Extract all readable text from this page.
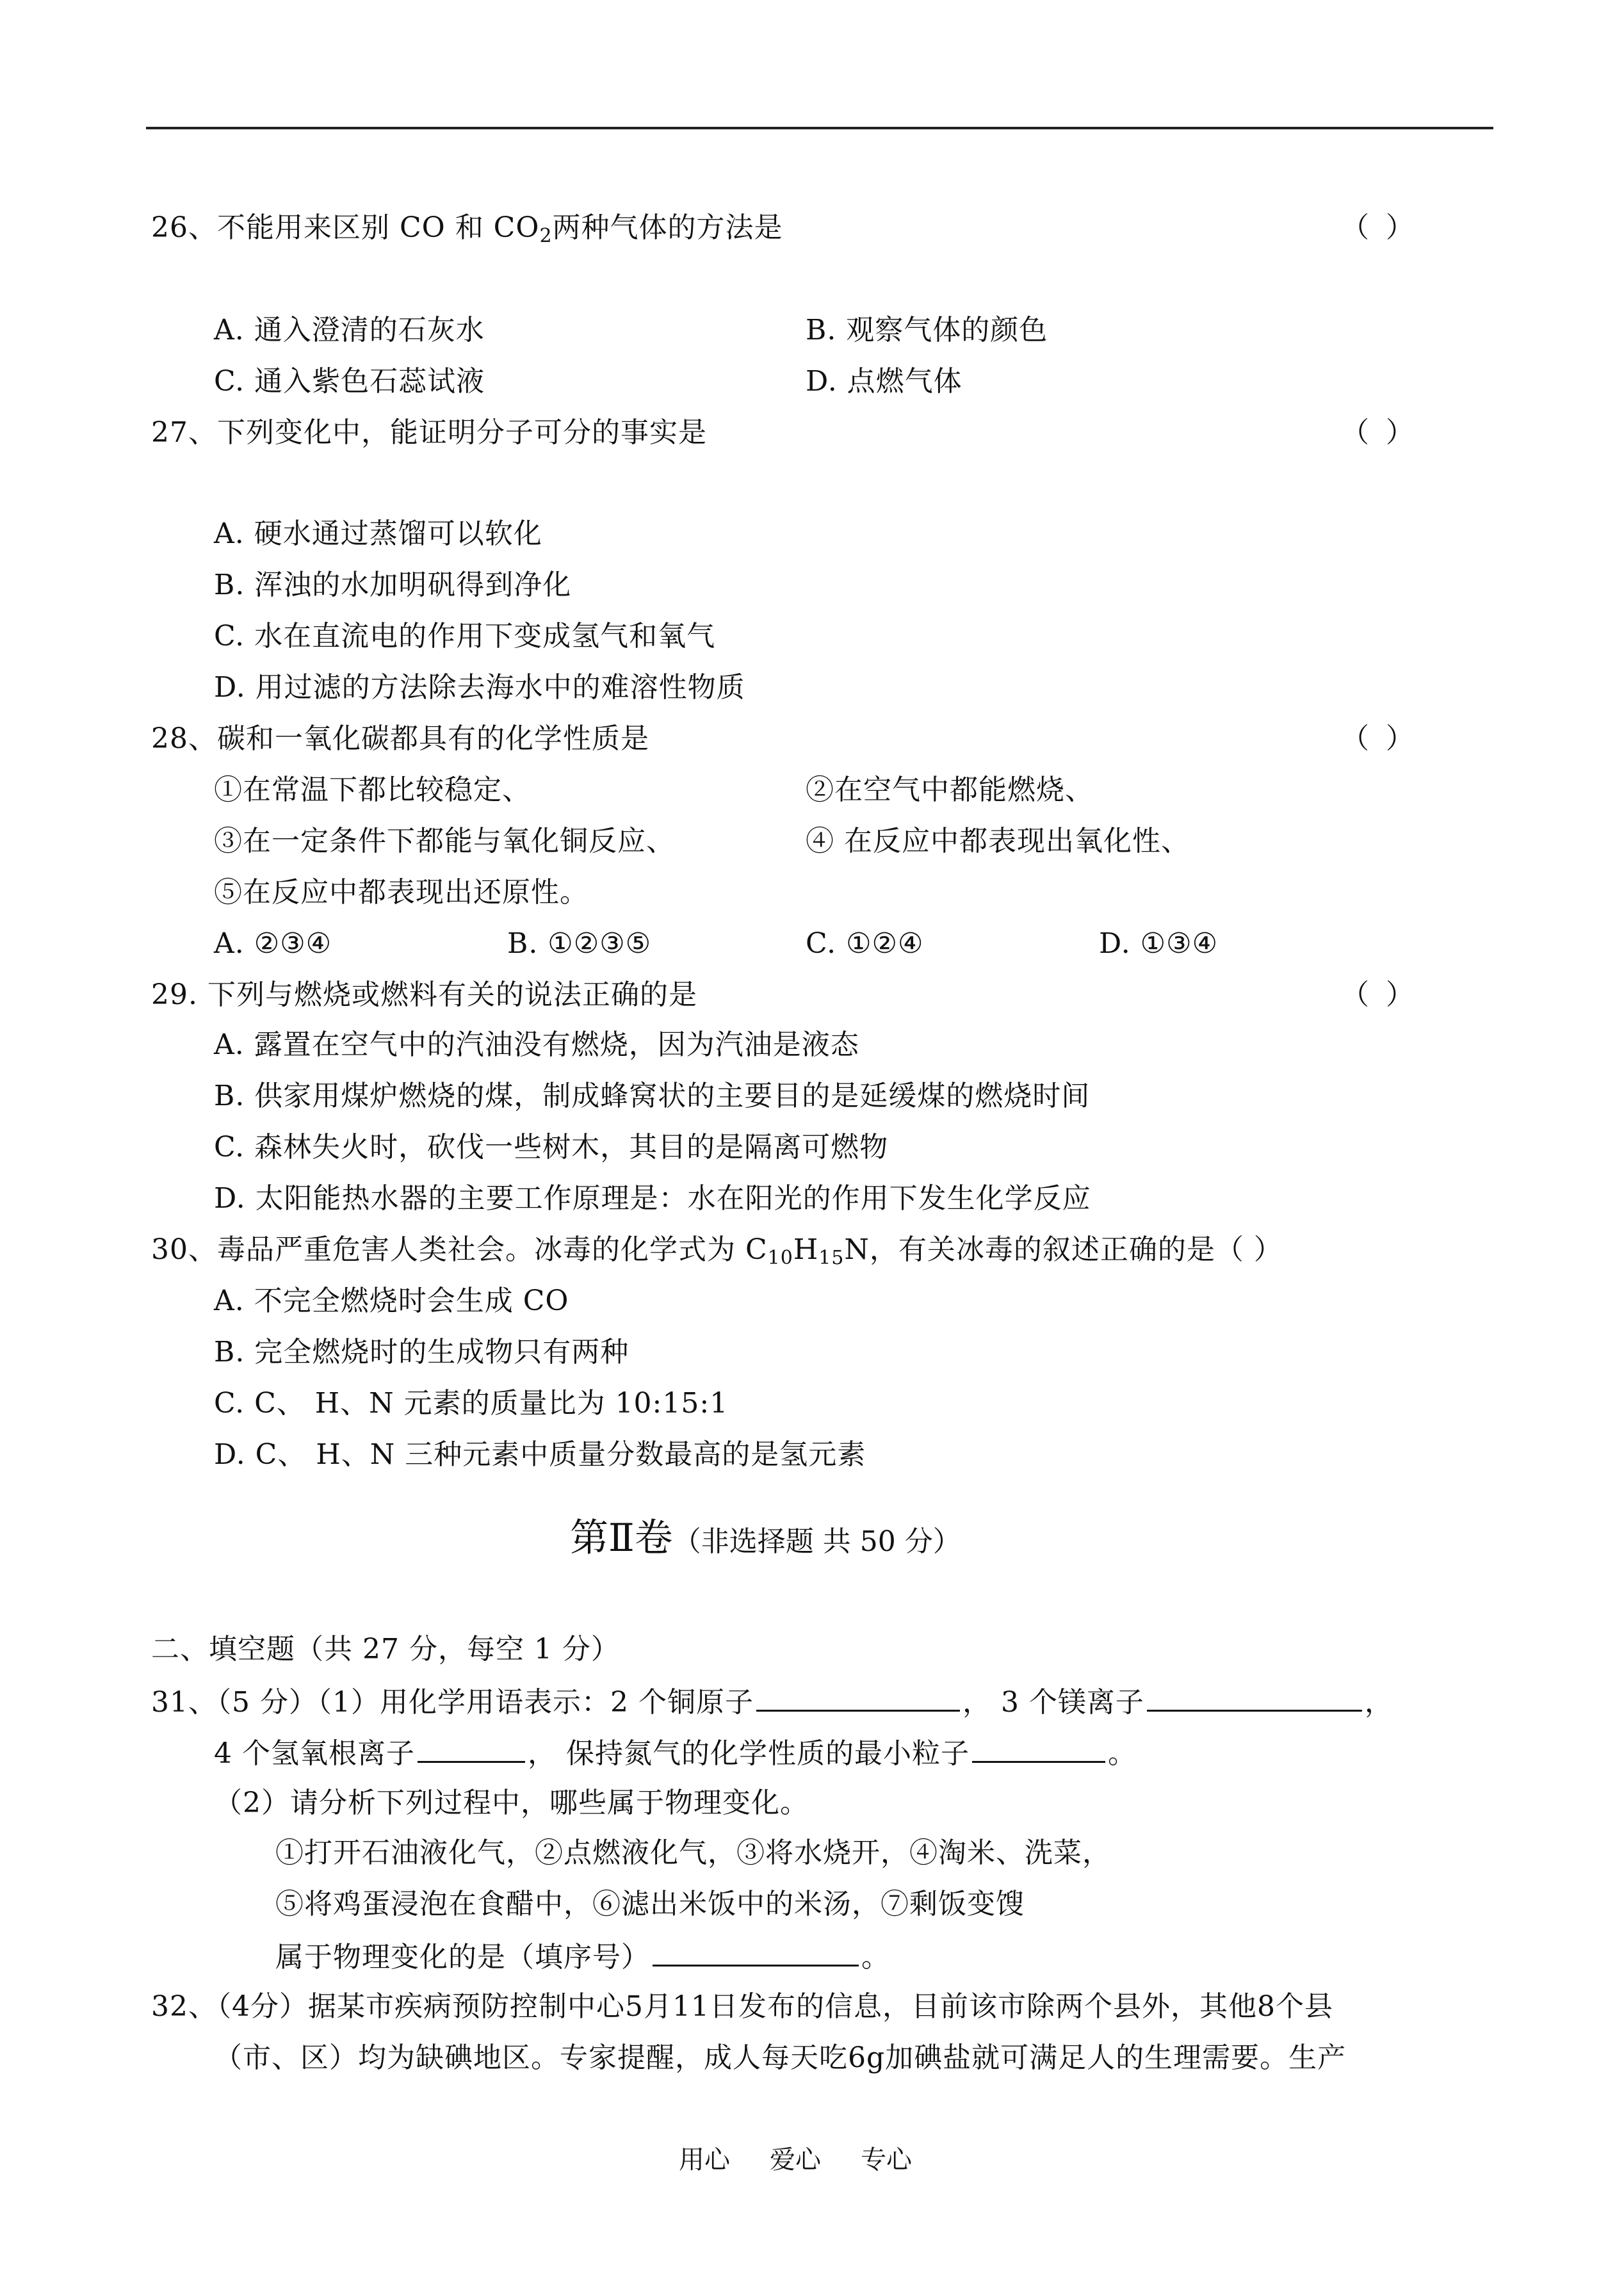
26、不能用来区别 CO 和 $CO_2$两种气体的方法是	（ ）
A. 通入澄清的石灰水	B. 观察气体的颜色
C. 通入紫色石蕊试液	D. 点燃气体
27、下列变化中，能证明分子可分的事实是	（ ）
A. 硬水通过蒸馏可以软化
B. 浑浊的水加明矾得到净化
C. 水在直流电的作用下变成氢气和氧气
D. 用过滤的方法除去海水中的难溶性物质
28、碳和一氧化碳都具有的化学性质是	（ ）
①在常温下都比较稳定、	②在空气中都能燃烧、
③在一定条件下都能与氧化铜反应、	④ 在反应中都表现出氧化性、
⑤在反应中都表现出还原性。
A. ②③④	B. ①②③⑤	C. ①②④	D. ①③④
29. 下列与燃烧或燃料有关的说法正确的是	（ ）
A. 露置在空气中的汽油没有燃烧，因为汽油是液态
B. 供家用煤炉燃烧的煤，制成蜂窝状的主要目的是延缓煤的燃烧时间
C. 森林失火时，砍伐一些树木，其目的是隔离可燃物
D. 太阳能热水器的主要工作原理是：水在阳光的作用下发生化学反应
30、毒品严重危害人类社会。冰毒的化学式为 $C_{10}H_{15}N$，有关冰毒的叙述正确的是（ ）
A. 不完全燃烧时会生成 CO
B. 完全燃烧时的生成物只有两种
C. C、 H、N 元素的质量比为 10:15:1
D. C、 H、N 三种元素中质量分数最高的是氢元素
第Ⅱ卷（非选择题 共 50 分）
二、填空题（共 27 分，每空 1 分）
31、（5 分）（1）用化学用语表示：2 个铜原子	， 3 个镁离子	，
4 个氢氧根离子	， 保持氮气的化学性质的最小粒子	。
（2）请分析下列过程中，哪些属于物理变化。
①打开石油液化气，②点燃液化气，③将水烧开，④淘米、洗菜，
⑤将鸡蛋浸泡在食醋中，⑥滤出米饭中的米汤，⑦剩饭变馊
属于物理变化的是（填序号）	。
32、（4分）据某市疾病预防控制中心5月11日发布的信息，目前该市除两个县外，其他8个县
（市、区）均为缺碘地区。专家提醒，成人每天吃6g加碘盐就可满足人的生理需要。生产
用心 爱心 专心
